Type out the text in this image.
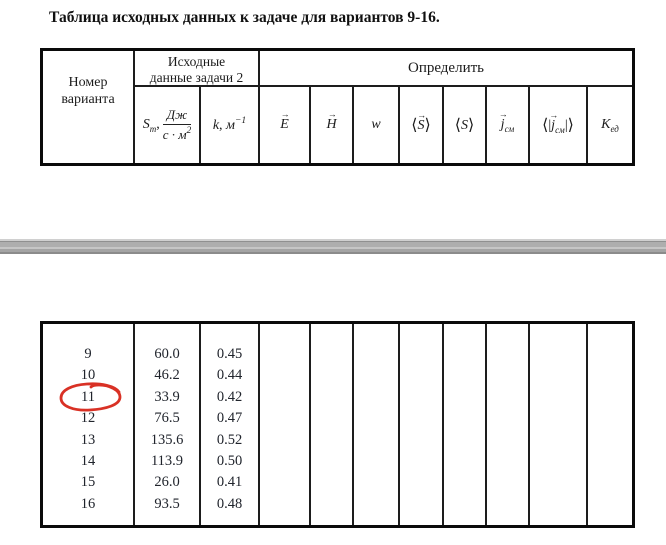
Таблица исходных данных к задаче для вариантов 9-16.
Номер
варианта
Исходные
данные задачи 2
Определить
$S_m$, $\frac{Дж}{с \cdot м^2} k$, $м^{-1}$
→
E
→
H w ⟨
→
S⟩ ⟨S⟩
→
$j_{см}$ ⟨|
→
$j_{см}|⟩$ $K_{ед}$
9
10
11
12
13
14
15
16
60.0
46.2
33.9
76.5
135.6
113.9
26.0
93.5
0.45
0.44
0.42
0.47
0.52
0.50
0.41
0.48
